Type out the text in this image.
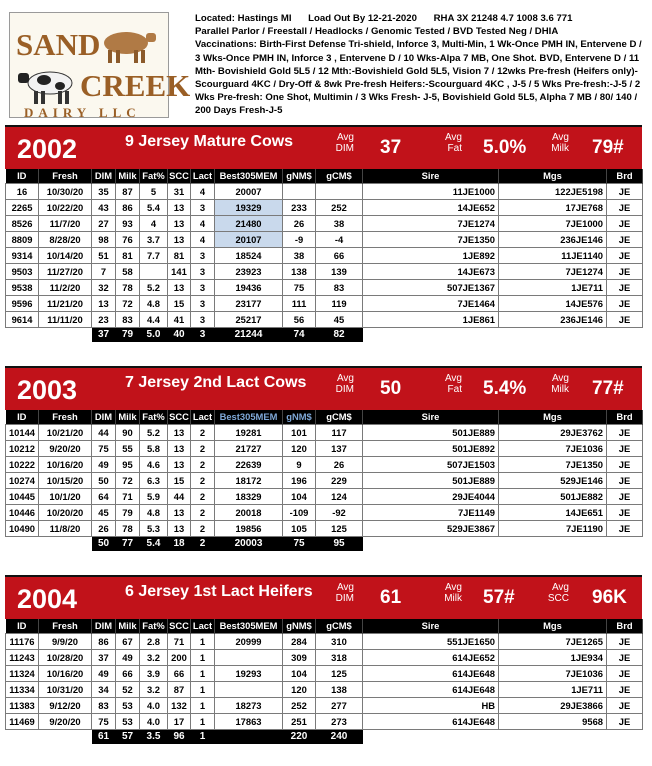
SAND
CREEK
DAIRY LLC
Located: Hastings MI Load Out By 12-21-2020 RHA 3X 21248 4.7 1008 3.6 771
Parallel Parlor / Freestall / Headlocks / Genomic Tested / BVD Tested Neg / DHIA
Vaccinations: Birth-First Defense Tri-shield, Inforce 3, Multi-Min, 1 Wk-Once PMH IN, Entervene D / 3 Wks-Once PMH IN, Inforce 3 , Entervene D / 10 Wks-Alpa 7 MB, One Shot. BVD, Entervene D / 11 Mth- Bovishield Gold 5L5 / 12 Mth:-Bovishield Gold 5L5, Vision 7 / 12wks Pre-fresh (Heifers only)- Scourguard 4KC / Dry-Off & 8wk Pre-fresh Heifers:-Scourguard 4KC , J-5 / 5 Wks Pre-fresh:-J-5 / 2 Wks Pre-fresh: One Shot, Multimin / 3 Wks Fresh- J-5, Bovishield Gold 5L5, Alpha 7 MB / 80/ 140 / 200 Days Fresh-J-5
2002	9 Jersey Mature Cows	Avg
DIM 37	Avg
Fat 5.0%	Avg
Milk 79#
ID	Fresh	DIM	Milk	Fat%	SCC	Lact	Best305MEM	gNM$	gCM$	Sire	Mgs	Brd
16	10/30/20	35	87	5	31	4	20007			11JE1000	122JE5198	JE
2265	10/22/20	43	86	5.4	13	3	19329	233	252	14JE652	17JE768	JE
8526	11/7/20	27	93	4	13	4	21480	26	38	7JE1274	7JE1000	JE
8809	8/28/20	98	76	3.7	13	4	20107	-9	-4	7JE1350	236JE146	JE
9314	10/14/20	51	81	7.7	81	3	18524	38	66	1JE892	11JE1140	JE
9503	11/27/20	7	58		141	3	23923	138	139	14JE673	7JE1274	JE
9538	11/2/20	32	78	5.2	13	3	19436	75	83	507JE1367	1JE711	JE
9596	11/21/20	13	72	4.8	15	3	23177	111	119	7JE1464	14JE576	JE
9614	11/11/20	23	83	4.4	41	3	25217	56	45	1JE861	236JE146	JE
		37	79	5.0	40	3	21244	74	82			
2003	7 Jersey 2nd Lact Cows	Avg
DIM 50	Avg
Fat 5.4%	Avg
Milk 77#
ID	Fresh	DIM	Milk	Fat%	SCC	Lact	Best305MEM	gNM$	gCM$	Sire	Mgs	Brd
10144	10/21/20	44	90	5.2	13	2	19281	101	117	501JE889	29JE3762	JE
10212	9/20/20	75	55	5.8	13	2	21727	120	137	501JE892	7JE1036	JE
10222	10/16/20	49	95	4.6	13	2	22639	9	26	507JE1503	7JE1350	JE
10274	10/15/20	50	72	6.3	15	2	18172	196	229	501JE889	529JE146	JE
10445	10/1/20	64	71	5.9	44	2	18329	104	124	29JE4044	501JE882	JE
10446	10/20/20	45	79	4.8	13	2	20018	-109	-92	7JE1149	14JE651	JE
10490	11/8/20	26	78	5.3	13	2	19856	105	125	529JE3867	7JE1190	JE
		50	77	5.4	18	2	20003	75	95			
2004	6 Jersey 1st Lact Heifers	Avg
DIM 61	Avg
Milk 57#	Avg
SCC 96K
ID	Fresh	DIM	Milk	Fat%	SCC	Lact	Best305MEM	gNM$	gCM$	Sire	Mgs	Brd
11176	9/9/20	86	67	2.8	71	1	20999	284	310	551JE1650	7JE1265	JE
11243	10/28/20	37	49	3.2	200	1		309	318	614JE652	1JE934	JE
11324	10/16/20	49	66	3.9	66	1	19293	104	125	614JE648	7JE1036	JE
11334	10/31/20	34	52	3.2	87	1		120	138	614JE648	1JE711	JE
11383	9/12/20	83	53	4.0	132	1	18273	252	277	HB	29JE3866	JE
11469	9/20/20	75	53	4.0	17	1	17863	251	273	614JE648	9568	JE
		61	57	3.5	96	1		220	240			
